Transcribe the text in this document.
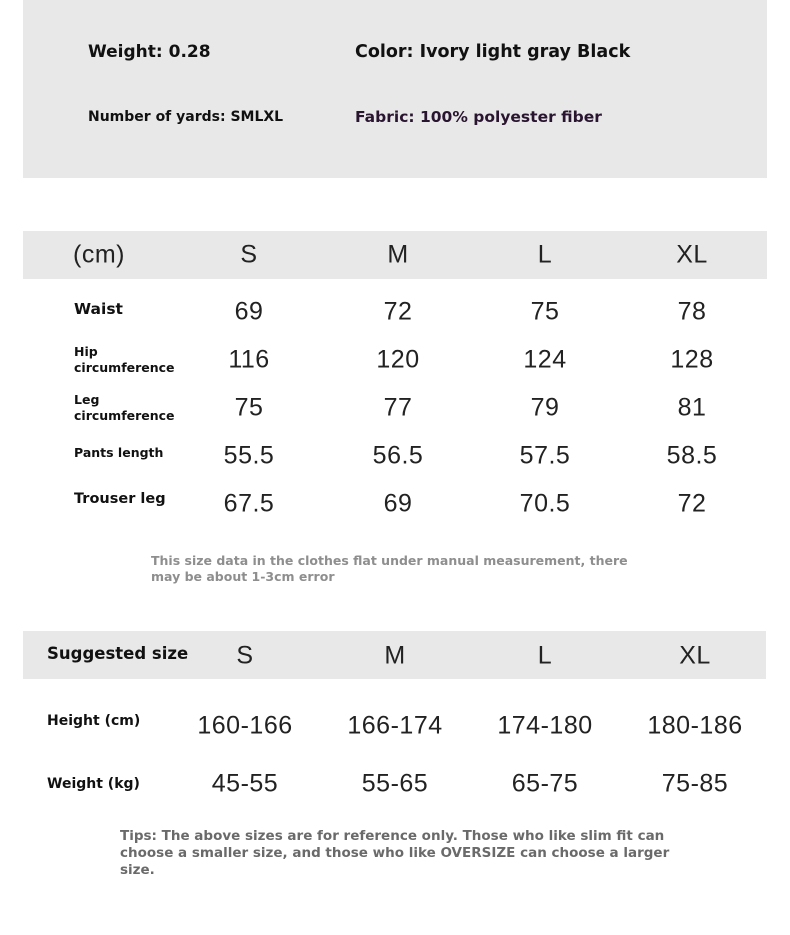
Weight: 0.28	Color: Ivory light gray Black
Number of yards: SMLXL	Fabric: 100% polyester fiber
(cm)	S	M	L	XL
Waist	69	72	75	78
Hip circumference	116	120	124	128
Leg circumference	75	77	79	81
Pants length 55.5	56.5	57.5	58.5
Trouser leg 67.5	69	70.5	72
This size data in the clothes flat under manual measurement, there may be about 1-3cm error
Suggested size S	M	L	XL
Height (cm) 160-166 166-174 174-180 180-186
Weight (kg)	45-55	55-65	65-75	75-85
Tips: The above sizes are for reference only. Those who like slim fit can choose a smaller size, and those who like OVERSIZE can choose a larger size.
